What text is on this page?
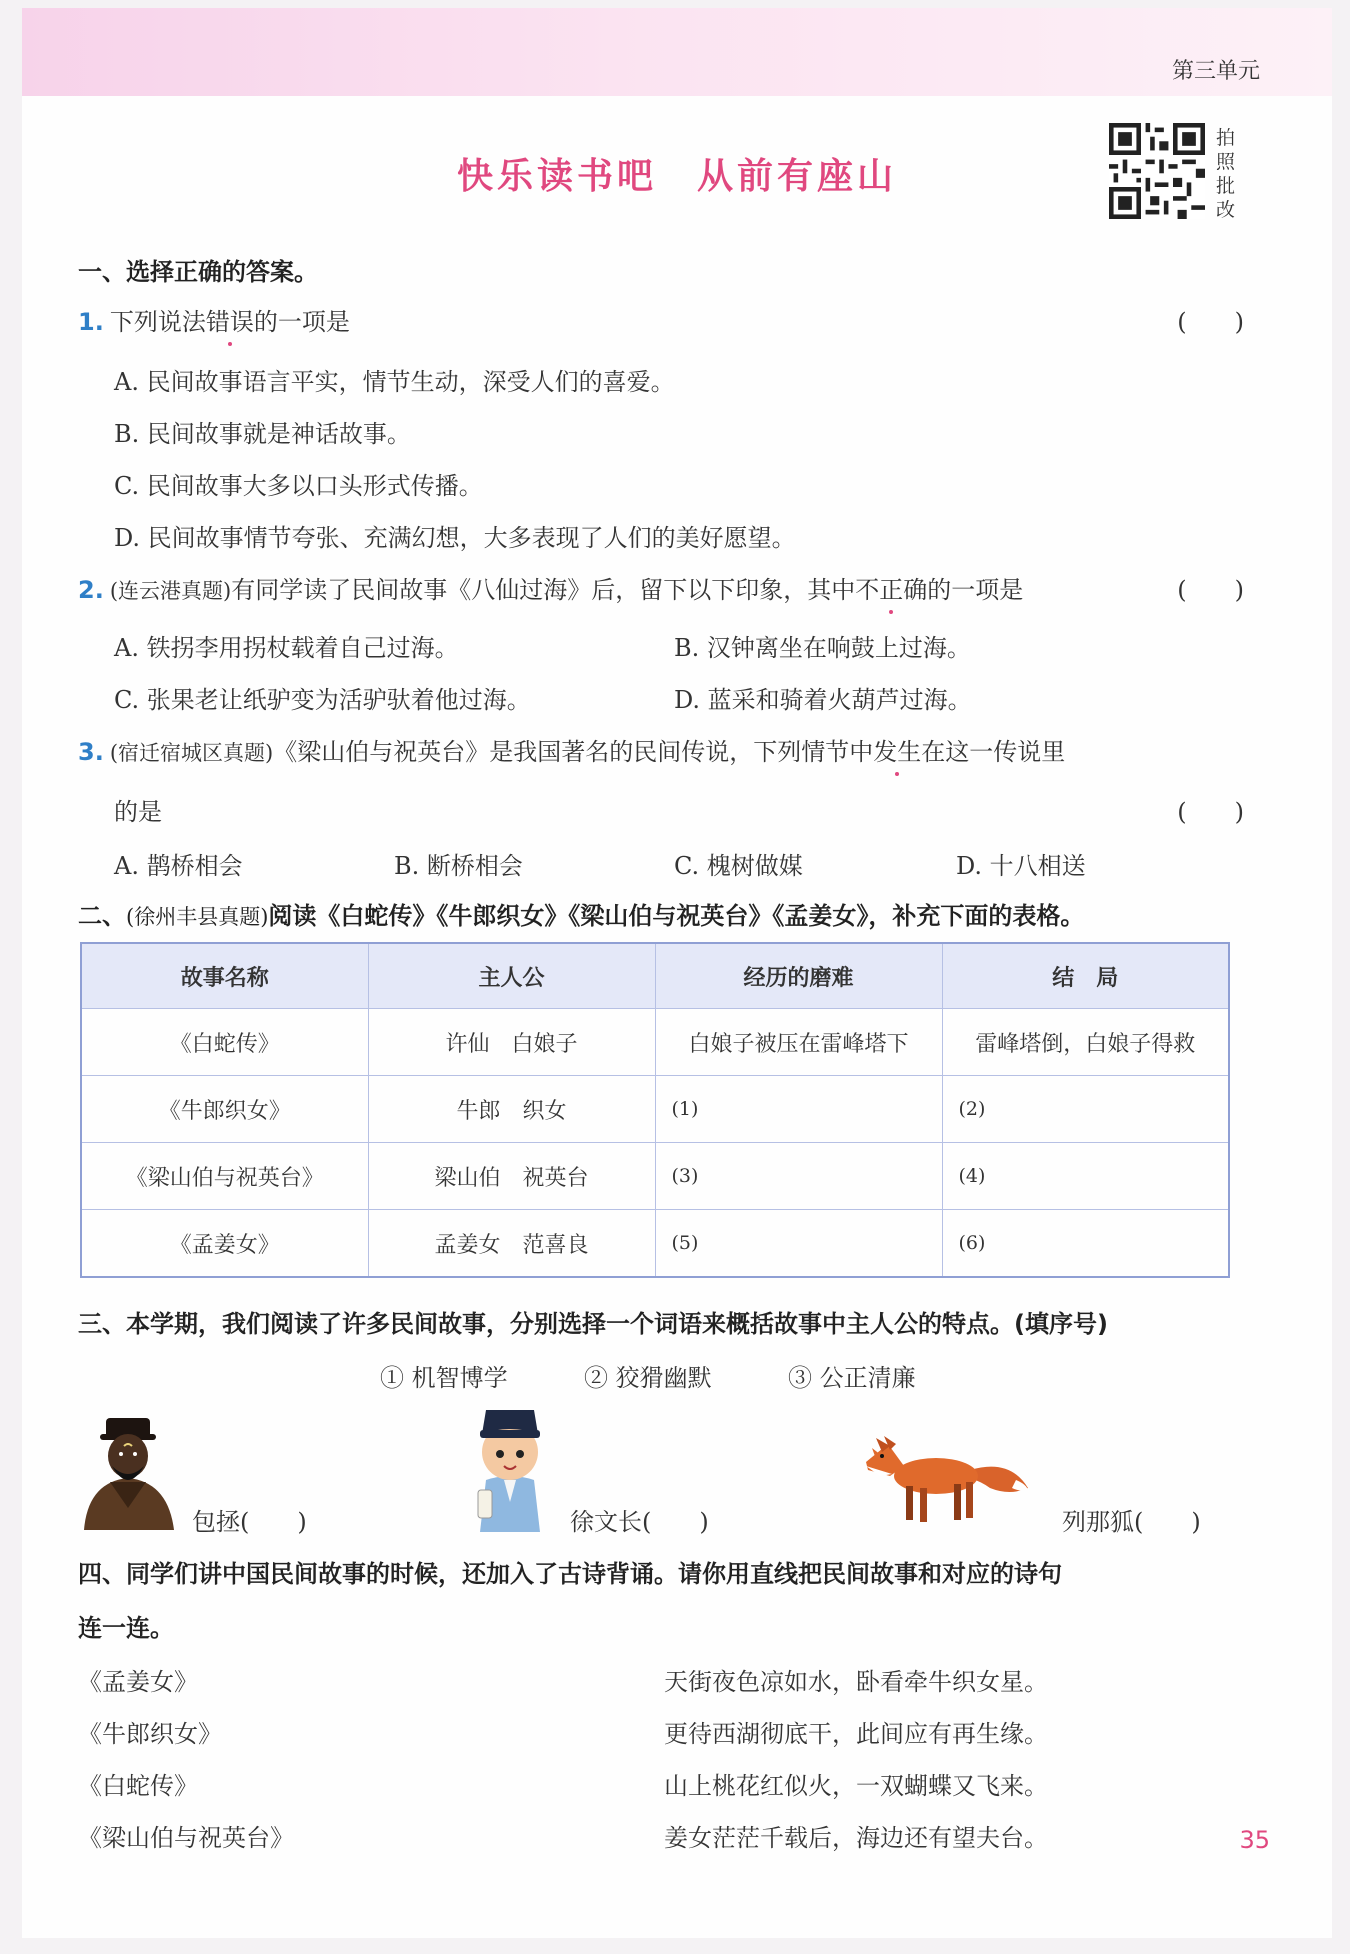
第三单元
快乐读书吧 从前有座山
拍照批改
一、选择正确的答案。
1. 下列说法错误的一项是	(　　)
A. 民间故事语言平实，情节生动，深受人们的喜爱。
B. 民间故事就是神话故事。
C. 民间故事大多以口头形式传播。
D. 民间故事情节夸张、充满幻想，大多表现了人们的美好愿望。
2. (连云港真题)有同学读了民间故事《八仙过海》后，留下以下印象，其中不正确的一项是	(　　)
A. 铁拐李用拐杖载着自己过海。	B. 汉钟离坐在响鼓上过海。
C. 张果老让纸驴变为活驴驮着他过海。	D. 蓝采和骑着火葫芦过海。
3. (宿迁宿城区真题)《梁山伯与祝英台》是我国著名的民间传说，下列情节中发生在这一传说里
的是	(　　)
A. 鹊桥相会	B. 断桥相会	C. 槐树做媒	D. 十八相送
二、(徐州丰县真题)阅读《白蛇传》《牛郎织女》《梁山伯与祝英台》《孟姜女》，补充下面的表格。
故事名称	主人公	经历的磨难	结　局
《白蛇传》	许仙　白娘子	白娘子被压在雷峰塔下	雷峰塔倒，白娘子得救
《牛郎织女》	牛郎　织女	(1)	(2)
《梁山伯与祝英台》	梁山伯　祝英台	(3)	(4)
《孟姜女》	孟姜女　范喜良	(5)	(6)
三、本学期，我们阅读了许多民间故事，分别选择一个词语来概括故事中主人公的特点。(填序号)
① 机智博学	② 狡猾幽默	③ 公正清廉
包拯(　　)	徐文长(　　)	列那狐(　　)
四、同学们讲中国民间故事的时候，还加入了古诗背诵。请你用直线把民间故事和对应的诗句
连一连。
《孟姜女》
《牛郎织女》
《白蛇传》
《梁山伯与祝英台》
天街夜色凉如水，卧看牵牛织女星。
更待西湖彻底干，此间应有再生缘。
山上桃花红似火，一双蝴蝶又飞来。
姜女茫茫千载后，海边还有望夫台。	35
